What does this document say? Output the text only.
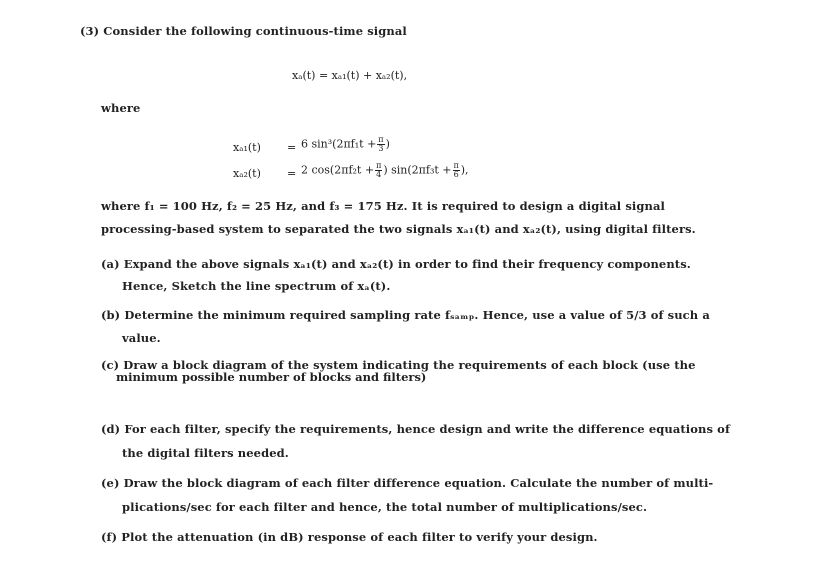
(3) Consider the following continuous-time signal
xₐ(t) = xₐ₁(t) + xₐ₂(t),
where
xₐ₁(t) = 6 $\sin^3(2\pi f_1t + \frac{\pi}{3}$ )
xₐ₂(t) = 2 $\cos(2\pi f_2t + \frac{\pi}{4}$ ) $\sin(2\pi f_3t + \frac{\pi}{6}$ ),
where f₁ = 100 Hz, f₂ = 25 Hz, and f₃ = 175 Hz. It is required to design a digital signal
processing-based system to separated the two signals xₐ₁(t) and xₐ₂(t), using digital filters.
(a) Expand the above signals xₐ₁(t) and xₐ₂(t) in order to find their frequency components.
Hence, Sketch the line spectrum of xₐ(t).
(b) Determine the minimum required sampling rate fₛₐₘₚ. Hence, use a value of 5/3 of such a
value.
(c) Draw a block diagram of the system indicating the requirements of each block (use the
minimum possible number of blocks and filters)
(d) For each filter, specify the requirements, hence design and write the difference equations of
the digital filters needed.
(e) Draw the block diagram of each filter difference equation. Calculate the number of multi-
plications/sec for each filter and hence, the total number of multiplications/sec.
(f) Plot the attenuation (in dB) response of each filter to verify your design.
